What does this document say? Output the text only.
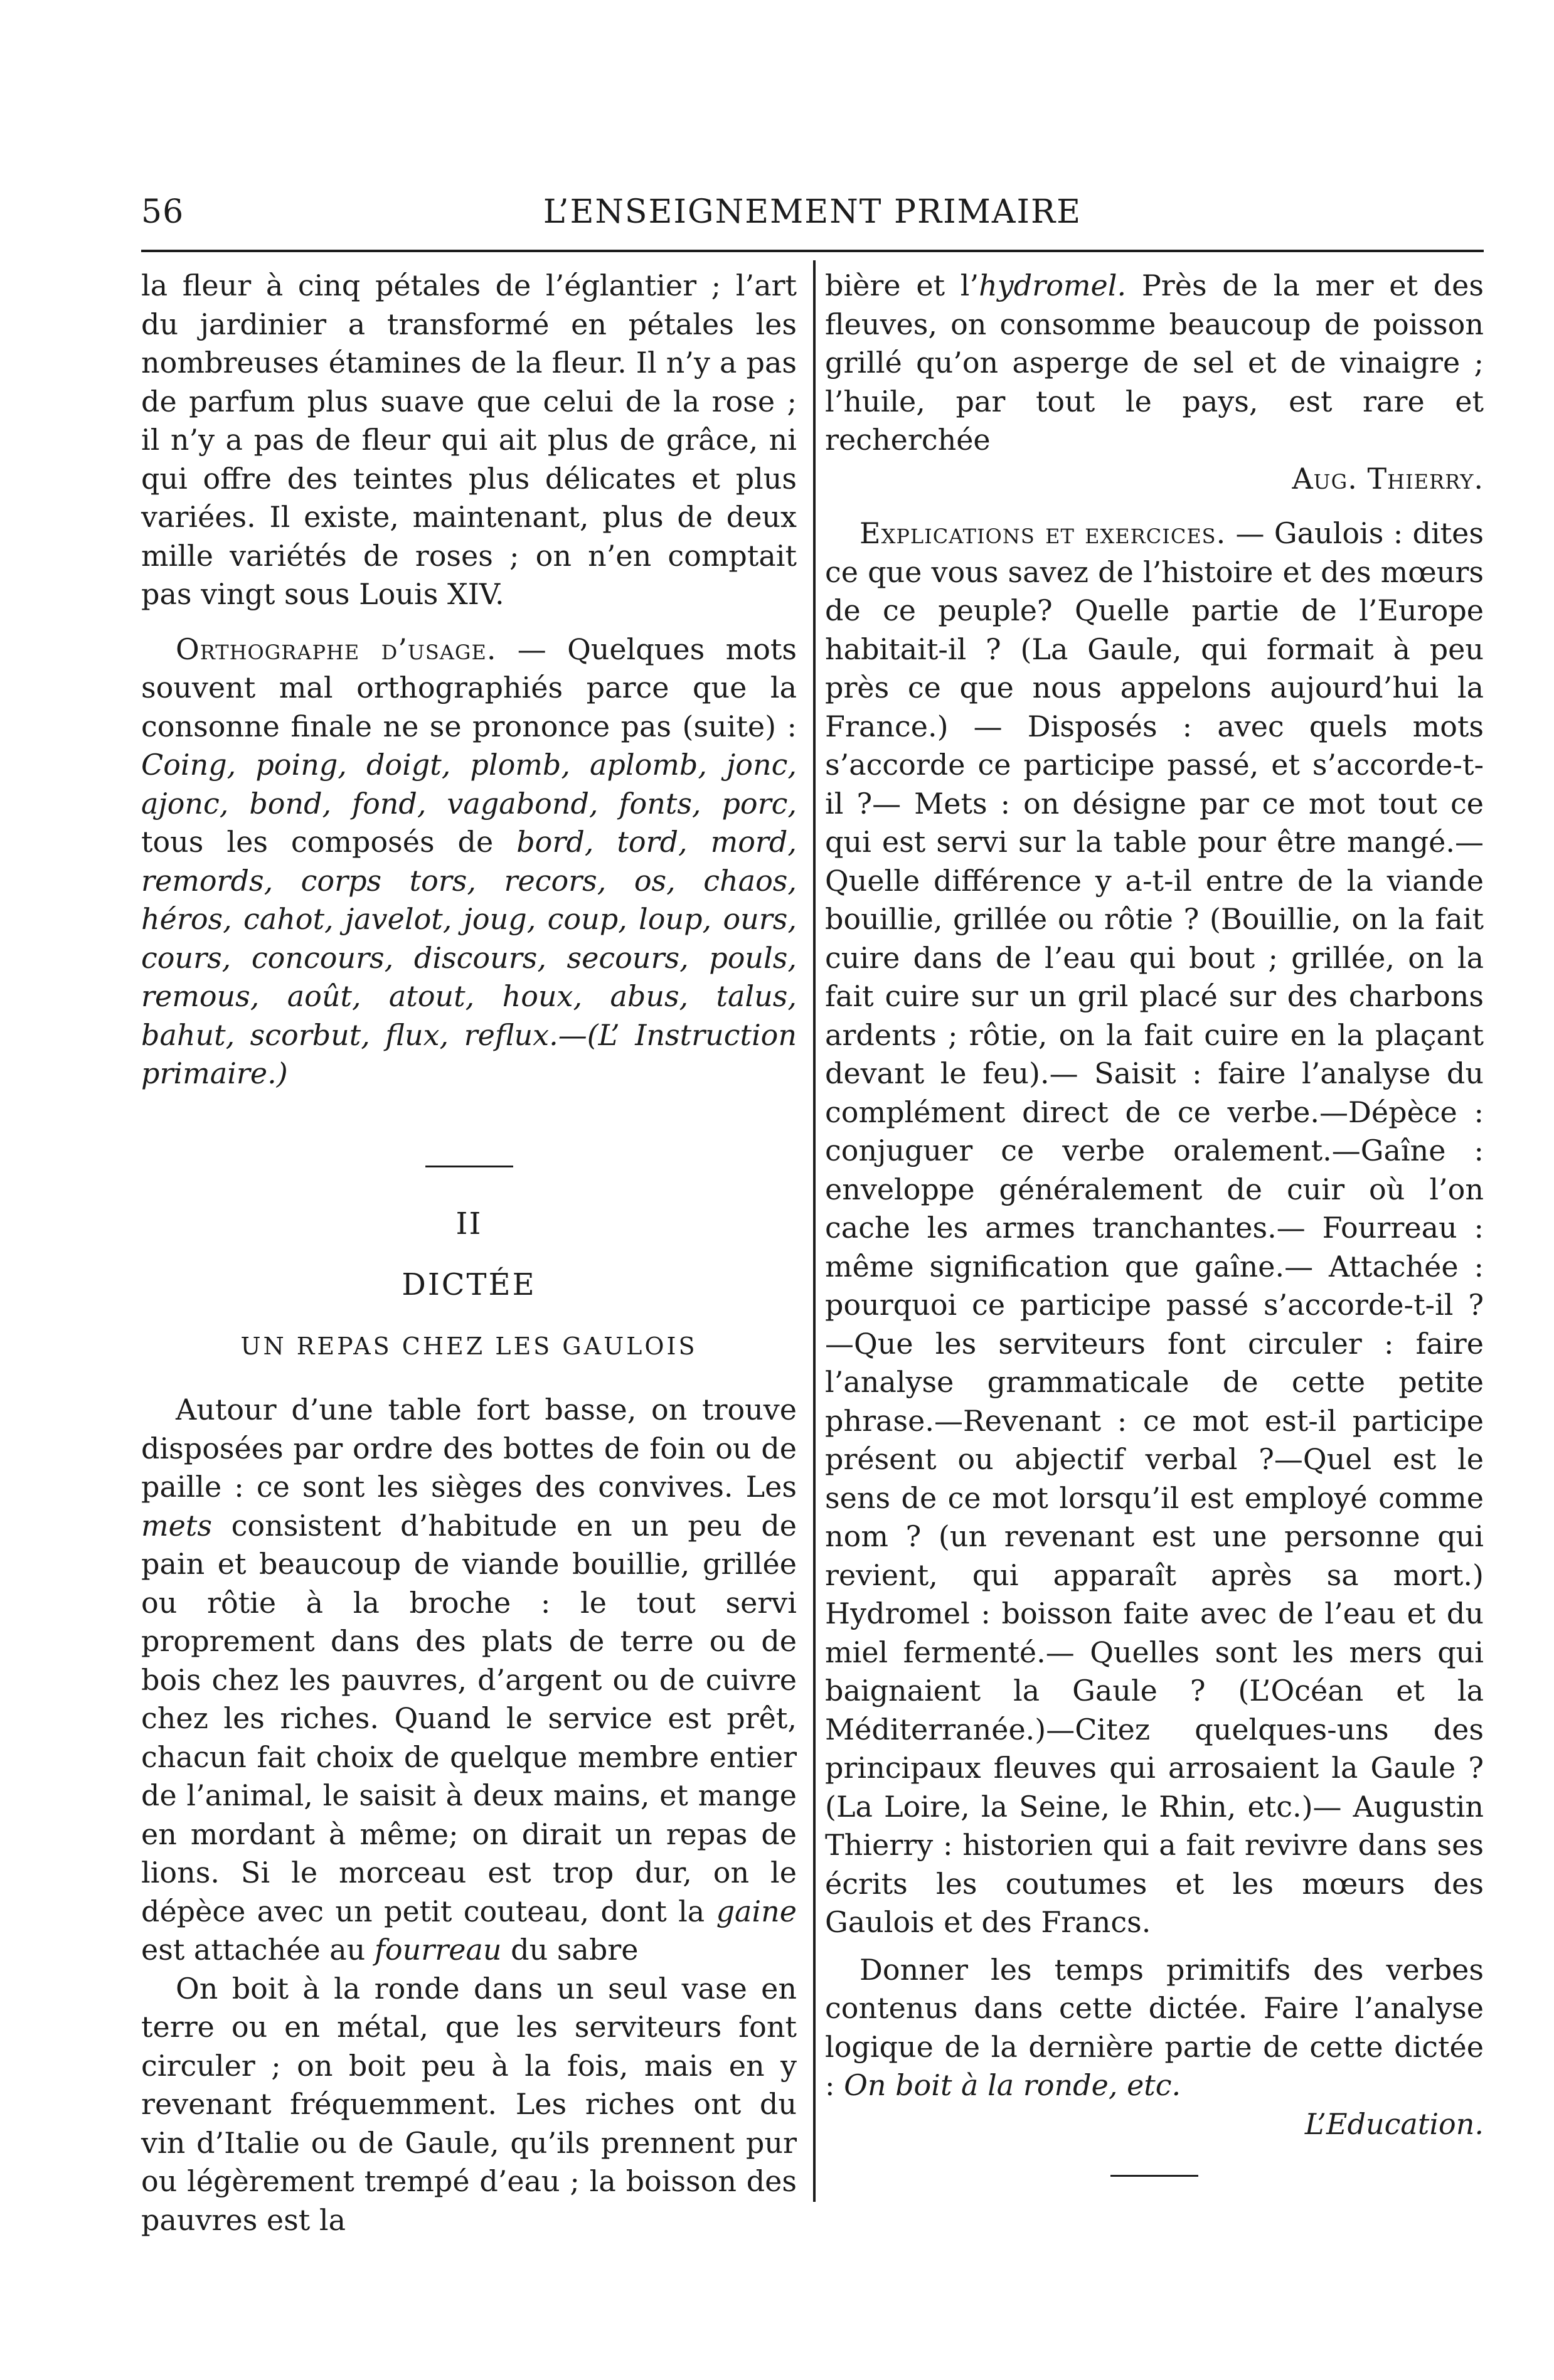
56	L’ENSEIGNEMENT PRIMAIRE

la fleur à cinq pétales de l’églantier ; l’art du jardinier a transformé en pétales les nombreuses étamines de la fleur. Il n’y a pas de parfum plus suave que celui de la rose ; il n’y a pas de fleur qui ait plus de grâce, ni qui offre des teintes plus délicates et plus variées. Il existe, maintenant, plus de deux mille variétés de roses ; on n’en comptait pas vingt sous Louis XIV.

Orthographe d’usage. — Quelques mots souvent mal orthographiés parce que la consonne finale ne se prononce pas (suite) : Coing, poing, doigt, plomb, aplomb, jonc, ajonc, bond, fond, vagabond, fonts, porc, tous les composés de bord, tord, mord, remords, corps tors, recors, os, chaos, héros, cahot, javelot, joug, coup, loup, ours, cours, concours, discours, secours, pouls, remous, août, atout, houx, abus, talus, bahut, scorbut, flux, reflux.—(L’ Instruction primaire.)

II
DICTÉE
UN REPAS CHEZ LES GAULOIS

Autour d’une table fort basse, on trouve disposées par ordre des bottes de foin ou de paille : ce sont les sièges des convives. Les mets consistent d’habitude en un peu de pain et beaucoup de viande bouillie, grillée ou rôtie à la broche : le tout servi proprement dans des plats de terre ou de bois chez les pauvres, d’argent ou de cuivre chez les riches. Quand le service est prêt, chacun fait choix de quelque membre entier de l’animal, le saisit à deux mains, et mange en mordant à même; on dirait un repas de lions. Si le morceau est trop dur, on le dépèce avec un petit couteau, dont la gaine est attachée au fourreau du sabre

On boit à la ronde dans un seul vase en terre ou en métal, que les serviteurs font circuler ; on boit peu à la fois, mais en y revenant fréquemment. Les riches ont du vin d’Italie ou de Gaule, qu’ils prennent pur ou légèrement trempé d’eau ; la boisson des pauvres est la

bière et l’hydromel. Près de la mer et des fleuves, on consomme beaucoup de poisson grillé qu’on asperge de sel et de vinaigre ; l’huile, par tout le pays, est rare et recherchée

Aug. Thierry.

Explications et exercices. — Gaulois : dites ce que vous savez de l’histoire et des mœurs de ce peuple? Quelle partie de l’Europe habitait-il ? (La Gaule, qui formait à peu près ce que nous appelons aujourd’hui la France.) — Disposés : avec quels mots s’accorde ce participe passé, et s’accorde-t-il ?— Mets : on désigne par ce mot tout ce qui est servi sur la table pour être mangé.—Quelle différence y a-t-il entre de la viande bouillie, grillée ou rôtie ? (Bouillie, on la fait cuire dans de l’eau qui bout ; grillée, on la fait cuire sur un gril placé sur des charbons ardents ; rôtie, on la fait cuire en la plaçant devant le feu).— Saisit : faire l’analyse du complément direct de ce verbe.—Dépèce : conjuguer ce verbe oralement.—Gaîne : enveloppe généralement de cuir où l’on cache les armes tranchantes.— Fourreau : même signification que gaîne.— Attachée : pourquoi ce participe passé s’accorde-t-il ?—Que les serviteurs font circuler : faire l’analyse grammaticale de cette petite phrase.—Revenant : ce mot est-il participe présent ou abjectif verbal ?—Quel est le sens de ce mot lorsqu’il est employé comme nom ? (un revenant est une personne qui revient, qui apparaît après sa mort.) Hydromel : boisson faite avec de l’eau et du miel fermenté.— Quelles sont les mers qui baignaient la Gaule ? (L’Océan et la Méditerranée.)—Citez quelques-uns des principaux fleuves qui arrosaient la Gaule ? (La Loire, la Seine, le Rhin, etc.)— Augustin Thierry : historien qui a fait revivre dans ses écrits les coutumes et les mœurs des Gaulois et des Francs.

Donner les temps primitifs des verbes contenus dans cette dictée. Faire l’analyse logique de la dernière partie de cette dictée : On boit à la ronde, etc.

L’Education.
